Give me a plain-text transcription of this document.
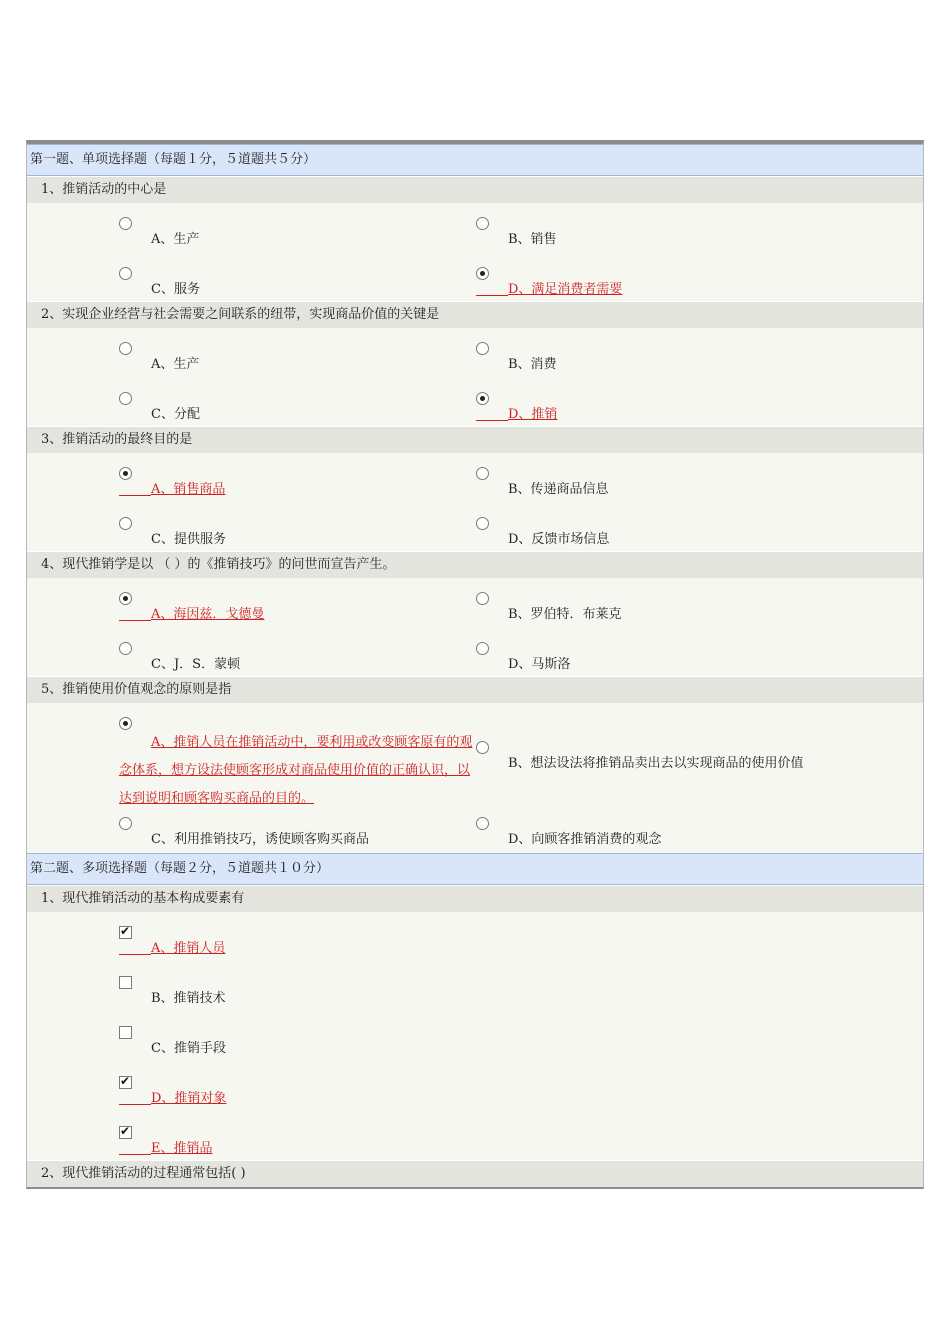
第一题、单项选择题（每题１分，５道题共５分）
1、推销活动的中心是
A、生产	B、销售
C、服务	D、满足消费者需要
2、实现企业经营与社会需要之间联系的纽带，实现商品价值的关键是
A、生产	B、消费
C、分配	D、推销
3、推销活动的最终目的是
A、销售商品	B、传递商品信息
C、提供服务	D、反馈市场信息
4、现代推销学是以 （ ）的《推销技巧》的问世而宣告产生。
A、海因兹．戈德曼	B、罗伯特．布莱克
C、J．S．蒙顿	D、马斯洛
5、推销使用价值观念的原则是指
A、推销人员在推销活动中，要利用或改变顾客原有的观念体系，想方设法使顾客形成对商品使用价值的正确认识，以达到说明和顾客购买商品的目的。
B、想法设法将推销品卖出去以实现商品的使用价值
C、利用推销技巧，诱使顾客购买商品	D、向顾客推销消费的观念
第二题、多项选择题（每题２分，５道题共１０分）
1、现代推销活动的基本构成要素有
✔
A、推销人员
B、推销技术
C、推销手段
✔
D、推销对象
✔
E、推销品
2、现代推销活动的过程通常包括( )
